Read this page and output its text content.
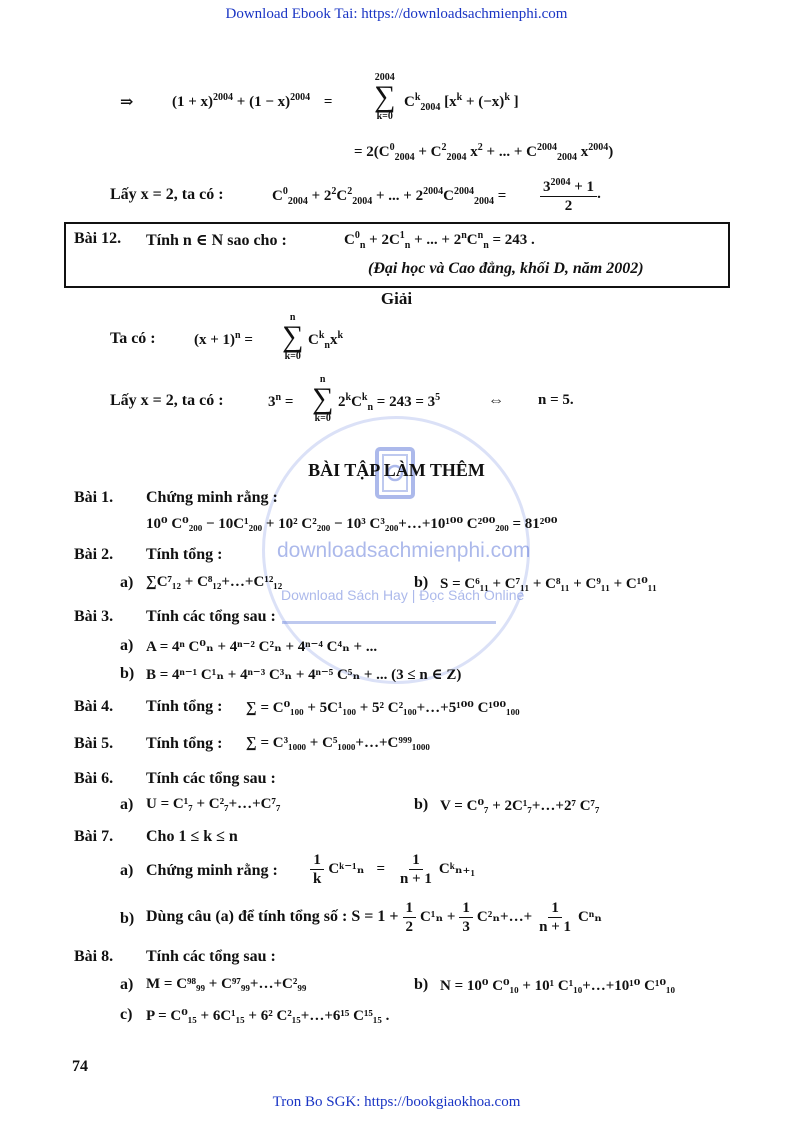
Download Ebook Tai: https://downloadsachmienphi.com
Tron Bo SGK: https://bookgiaokhoa.com
74
downloadsachmienphi.com
Download Sách Hay | Đọc Sách Online
⇒	$(1 + x)^{2004} + (1 - x)^{2004}$ =
2004
∑
k=0
$C^k_{2004}$ [$x^k + (-x)^k$ ]
= $2(C^0_{2004} + C^2_{2004}$ $x^2$ + ... + $C^{2004}_{2004}$ $x^{2004}$)
Lấy x = 2, ta có :	$C^0_{2004} + 2^2C^2_{2004}$ + ... + $2^{2004}C^{2004}_{2004} = \frac{3^{2004} + 1}{2}$ .
Bài 12. Tính n ∈ N sao cho :	$C^0_n + 2C^1_n$ + ... + $2^nC^n_n = 243$ .
(Đại học và Cao đẳng, khối D, năm 2002)
Giải
Ta có :	$(x + 1)^n$ =
n
∑
k=0
$C^k_nx^k$
Lấy x = 2, ta có :	$3^n$ =
n
∑
k=0
$2^kC^k_n = 243 = 3^5$	⇔ n = 5.
BÀI TẬP LÀM THÊM
Bài 1. Chứng minh rằng :
10⁰ C⁰₂₀₀ − 10C¹₂₀₀ + 10² C²₂₀₀ − 10³ C³₂₀₀+…+10¹⁰⁰ C²⁰⁰₂₀₀ = 81²⁰⁰
Bài 2. Tính tổng :
a) ∑C⁷₁₂ + C⁸₁₂+…+C¹²₁₂	b) S = C⁶₁₁ + C⁷₁₁ + C⁸₁₁ + C⁹₁₁ + C¹⁰₁₁
Bài 3. Tính các tổng sau :
a) A = 4ⁿ C⁰ₙ + 4ⁿ⁻² C²ₙ + 4ⁿ⁻⁴ C⁴ₙ + ...
b) B = 4ⁿ⁻¹ C¹ₙ + 4ⁿ⁻³ C³ₙ + 4ⁿ⁻⁵ C⁵ₙ + ... (3 ≤ n ∈ Z)
Bài 4. Tính tổng : ∑ = C⁰₁₀₀ + 5C¹₁₀₀ + 5² C²₁₀₀+…+5¹⁰⁰ C¹⁰⁰₁₀₀
Bài 5. Tính tổng : ∑ = C³₁₀₀₀ + C⁵₁₀₀₀+…+C⁹⁹⁹₁₀₀₀
Bài 6. Tính các tổng sau :
a) U = C¹₇ + C²₇+…+C⁷₇	b) V = C⁰₇ + 2C¹₇+…+2⁷ C⁷₇
Bài 7. Cho 1 ≤ k ≤ n
a) Chứng minh rằng : $\frac{1}{k}$ Cᵏ⁻¹ₙ = $\frac{1}{n + 1}$ Cᵏₙ₊₁
b) Dùng câu (a) để tính tổng số : $S = 1 + \frac{1}{2} C^1_n + \frac{1}{3}$ C²ₙ+…+ $\frac{1}{n + 1}$ Cⁿₙ
Bài 8. Tính các tổng sau :
a) M = C⁹⁸₉₉ + C⁹⁷₉₉+…+C²₉₉	b) N = 10⁰ C⁰₁₀ + 10¹ C¹₁₀+…+10¹⁰ C¹⁰₁₀
c) P = C⁰₁₅ + 6C¹₁₅ + 6² C²₁₅+…+6¹⁵ C¹⁵₁₅ .
